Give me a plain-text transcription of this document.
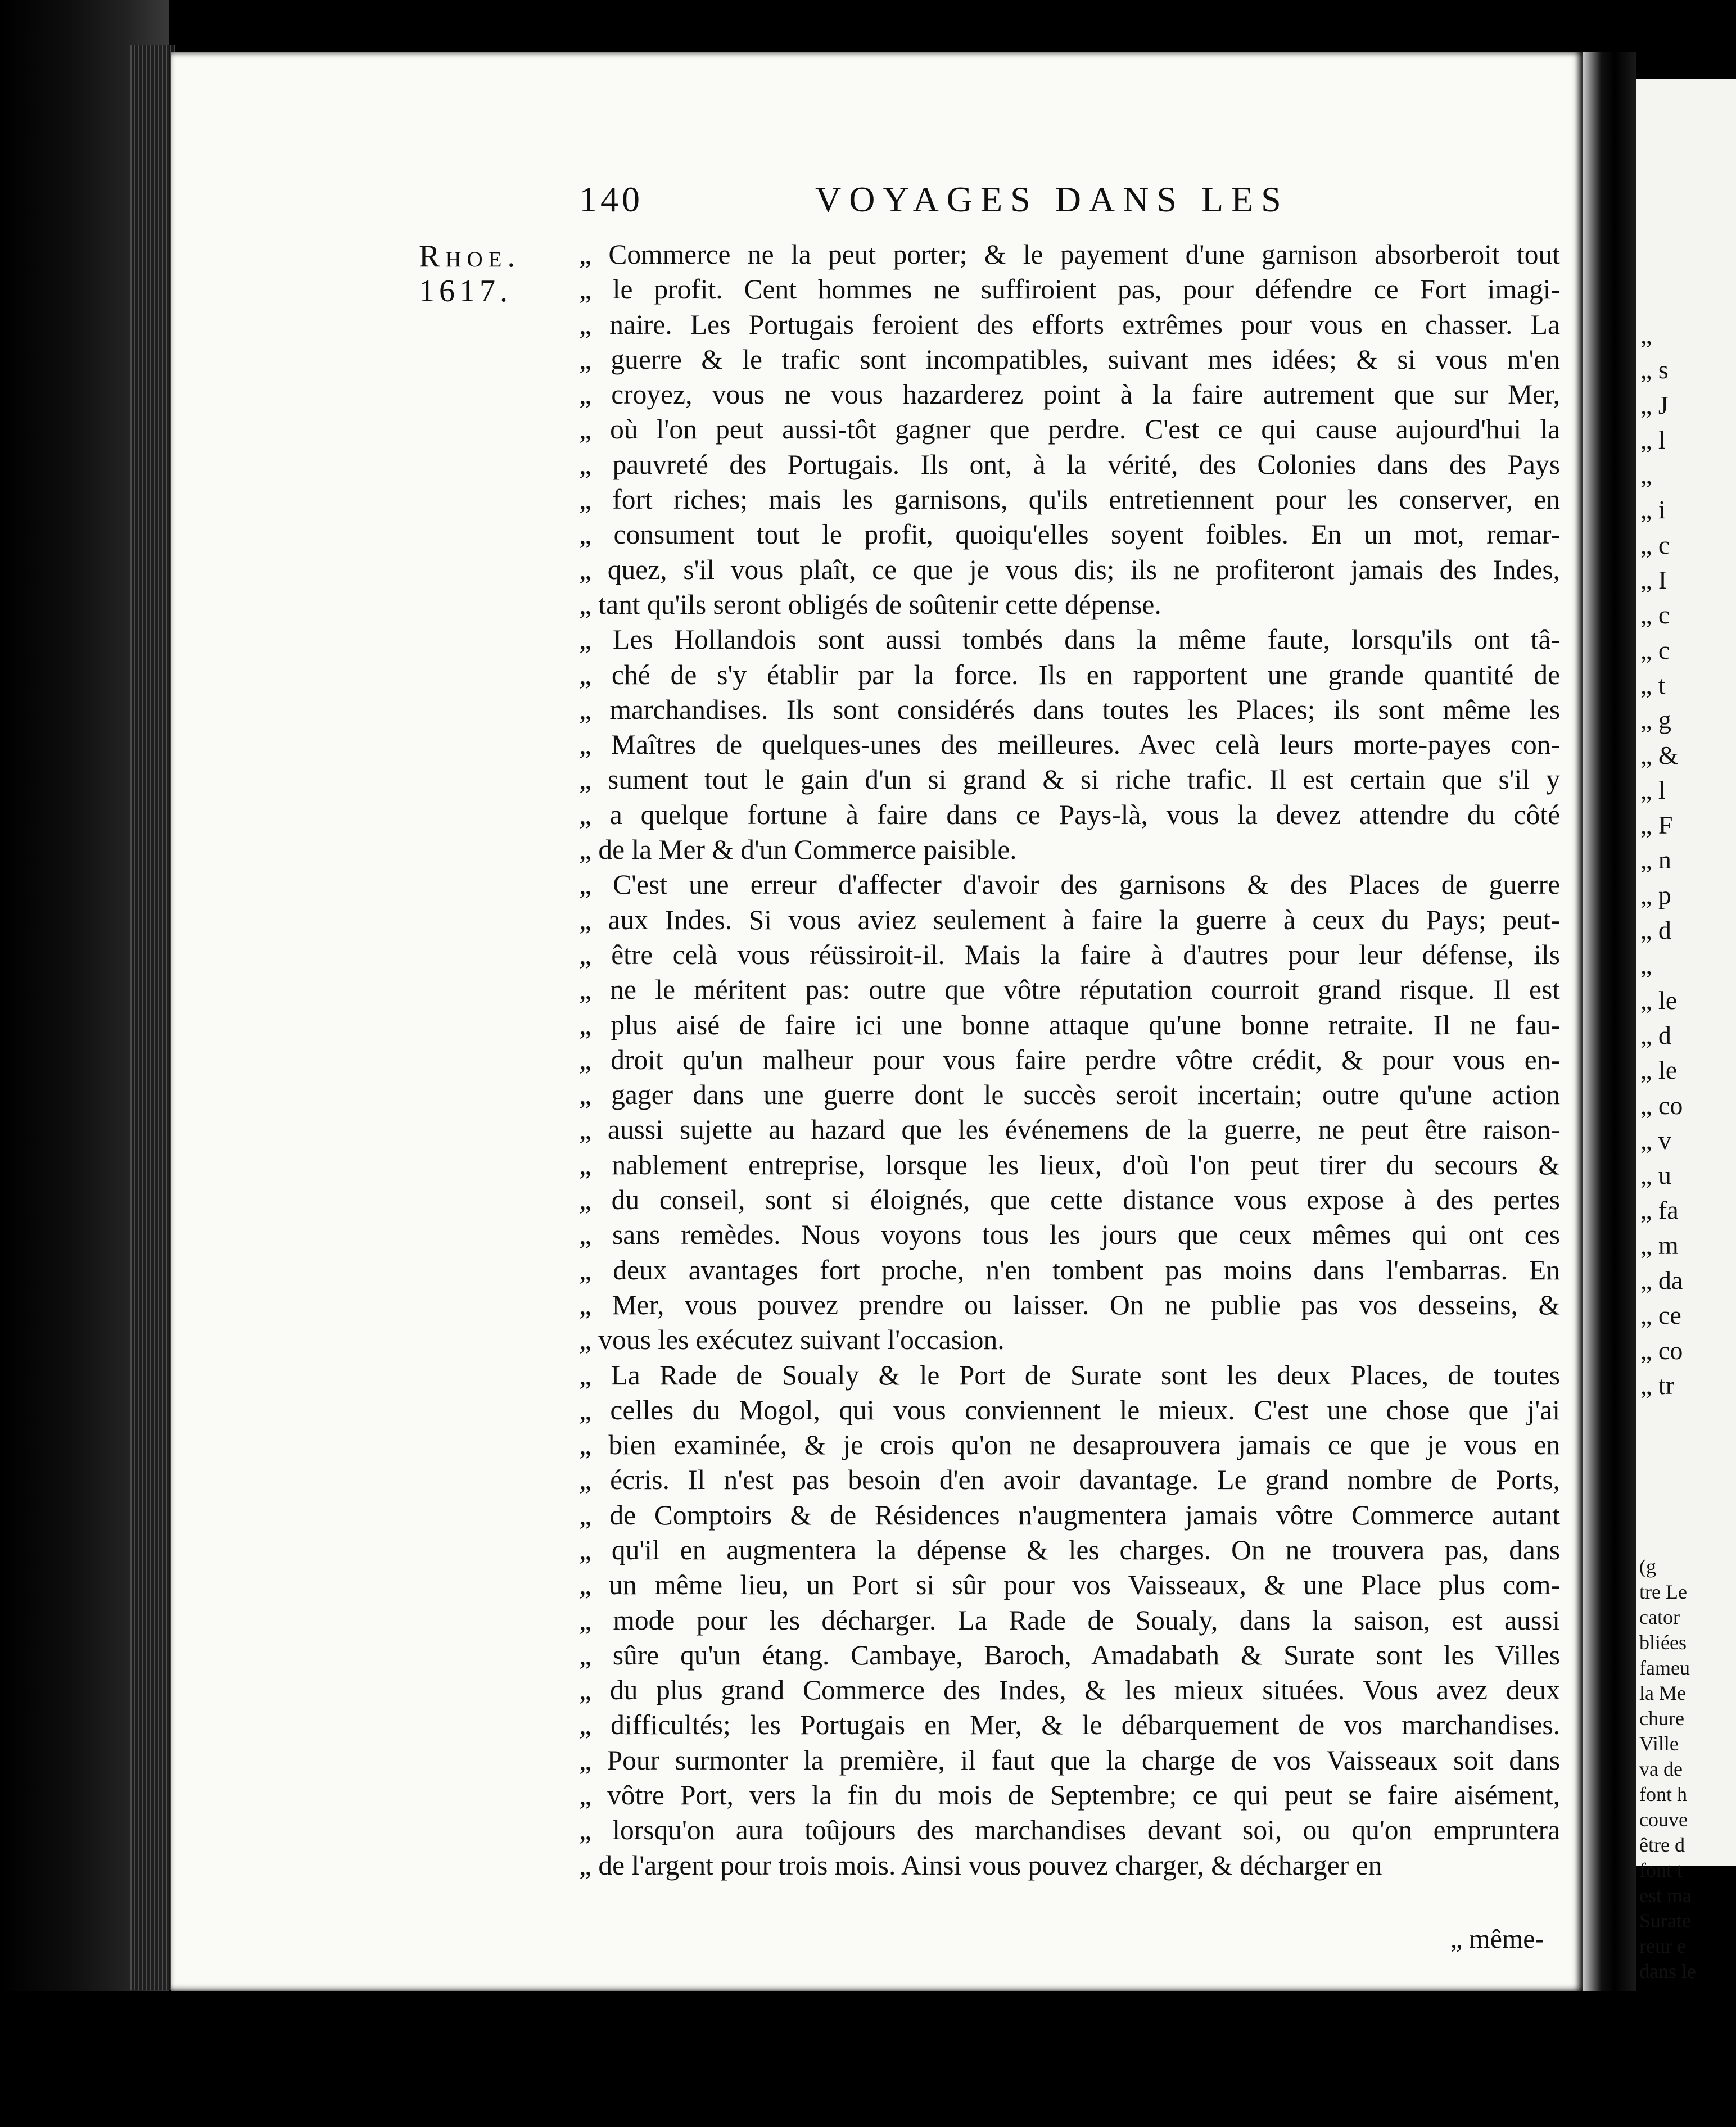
„
„ s
„ J
„ l
„
„ i
„ c
„ I
„ c
„ c
„ t
„ g
„ &
„ l
„ F
„ n
„ p
„ d
„
„ le
„ d
„ le
„ co
„ v
„ u
„ fa
„ m
„ da
„ ce
„ co
„ tr
(g
tre Le
cator
bliées
fameu
la Me
chure
Ville
va de
font h
couve
être d
font t
est ma
Surate
reur e
dans le
140	VOYAGES DANS LES
Rhoe.
1617.
„ Commerce ne la peut porter; & le payement d'une garnison absorberoit tout
„ le profit. Cent hommes ne suffiroient pas, pour défendre ce Fort imagi-
„ naire. Les Portugais feroient des efforts extrêmes pour vous en chasser. La
„ guerre & le trafic sont incompatibles, suivant mes idées; & si vous m'en
„ croyez, vous ne vous hazarderez point à la faire autrement que sur Mer,
„ où l'on peut aussi-tôt gagner que perdre. C'est ce qui cause aujourd'hui la
„ pauvreté des Portugais. Ils ont, à la vérité, des Colonies dans des Pays
„ fort riches; mais les garnisons, qu'ils entretiennent pour les conserver, en
„ consument tout le profit, quoiqu'elles soyent foibles. En un mot, remar-
„ quez, s'il vous plaît, ce que je vous dis; ils ne profiteront jamais des Indes,
„ tant qu'ils seront obligés de soûtenir cette dépense.
„ Les Hollandois sont aussi tombés dans la même faute, lorsqu'ils ont tâ-
„ ché de s'y établir par la force. Ils en rapportent une grande quantité de
„ marchandises. Ils sont considérés dans toutes les Places; ils sont même les
„ Maîtres de quelques-unes des meilleures. Avec celà leurs morte-payes con-
„ sument tout le gain d'un si grand & si riche trafic. Il est certain que s'il y
„ a quelque fortune à faire dans ce Pays-là, vous la devez attendre du côté
„ de la Mer & d'un Commerce paisible.
„ C'est une erreur d'affecter d'avoir des garnisons & des Places de guerre
„ aux Indes. Si vous aviez seulement à faire la guerre à ceux du Pays; peut-
„ être celà vous réüssiroit-il. Mais la faire à d'autres pour leur défense, ils
„ ne le méritent pas: outre que vôtre réputation courroit grand risque. Il est
„ plus aisé de faire ici une bonne attaque qu'une bonne retraite. Il ne fau-
„ droit qu'un malheur pour vous faire perdre vôtre crédit, & pour vous en-
„ gager dans une guerre dont le succès seroit incertain; outre qu'une action
„ aussi sujette au hazard que les événemens de la guerre, ne peut être raison-
„ nablement entreprise, lorsque les lieux, d'où l'on peut tirer du secours &
„ du conseil, sont si éloignés, que cette distance vous expose à des pertes
„ sans remèdes. Nous voyons tous les jours que ceux mêmes qui ont ces
„ deux avantages fort proche, n'en tombent pas moins dans l'embarras. En
„ Mer, vous pouvez prendre ou laisser. On ne publie pas vos desseins, &
„ vous les exécutez suivant l'occasion.
„ La Rade de Soualy & le Port de Surate sont les deux Places, de toutes
„ celles du Mogol, qui vous conviennent le mieux. C'est une chose que j'ai
„ bien examinée, & je crois qu'on ne desaprouvera jamais ce que je vous en
„ écris. Il n'est pas besoin d'en avoir davantage. Le grand nombre de Ports,
„ de Comptoirs & de Résidences n'augmentera jamais vôtre Commerce autant
„ qu'il en augmentera la dépense & les charges. On ne trouvera pas, dans
„ un même lieu, un Port si sûr pour vos Vaisseaux, & une Place plus com-
„ mode pour les décharger. La Rade de Soualy, dans la saison, est aussi
„ sûre qu'un étang. Cambaye, Baroch, Amadabath & Surate sont les Villes
„ du plus grand Commerce des Indes, & les mieux situées. Vous avez deux
„ difficultés; les Portugais en Mer, & le débarquement de vos marchandises.
„ Pour surmonter la première, il faut que la charge de vos Vaisseaux soit dans
„ vôtre Port, vers la fin du mois de Septembre; ce qui peut se faire aisément,
„ lorsqu'on aura toûjours des marchandises devant soi, ou qu'on empruntera
„ de l'argent pour trois mois. Ainsi vous pouvez charger, & décharger en
„ même-
